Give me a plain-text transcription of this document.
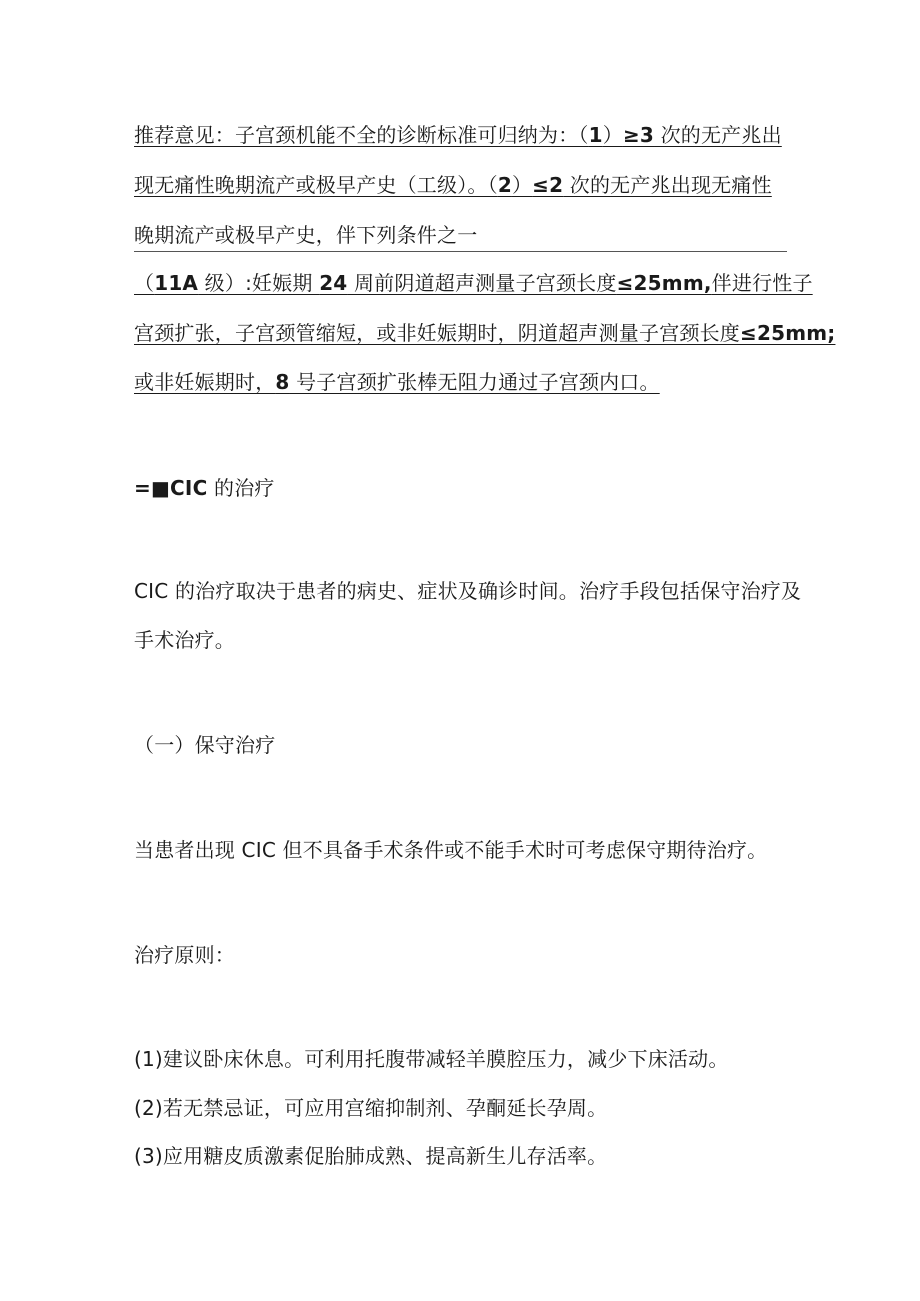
推荐意见：子宫颈机能不全的诊断标准可归纳为：（1）≥3 次的无产兆出
现无痛性晚期流产或极早产史（工级）。（2）≤2 次的无产兆出现无痛性
晚期流产或极早产史，伴下列条件之一
（11A 级）:妊娠期 24 周前阴道超声测量子宫颈长度≤25mm,伴进行性子
宫颈扩张，子宫颈管缩短，或非妊娠期时，阴道超声测量子宫颈长度≤25mm;
或非妊娠期时，8 号子宫颈扩张棒无阻力通过子宫颈内口。
=■CIC 的治疗
CIC 的治疗取决于患者的病史、症状及确诊时间。治疗手段包括保守治疗及
手术治疗。
（一）保守治疗
当患者出现 CIC 但不具备手术条件或不能手术时可考虑保守期待治疗。
治疗原则：
(1)建议卧床休息。可利用托腹带减轻羊膜腔压力，减少下床活动。
(2)若无禁忌证，可应用宫缩抑制剂、孕酮延长孕周。
(3)应用糖皮质激素促胎肺成熟、提高新生儿存活率。
